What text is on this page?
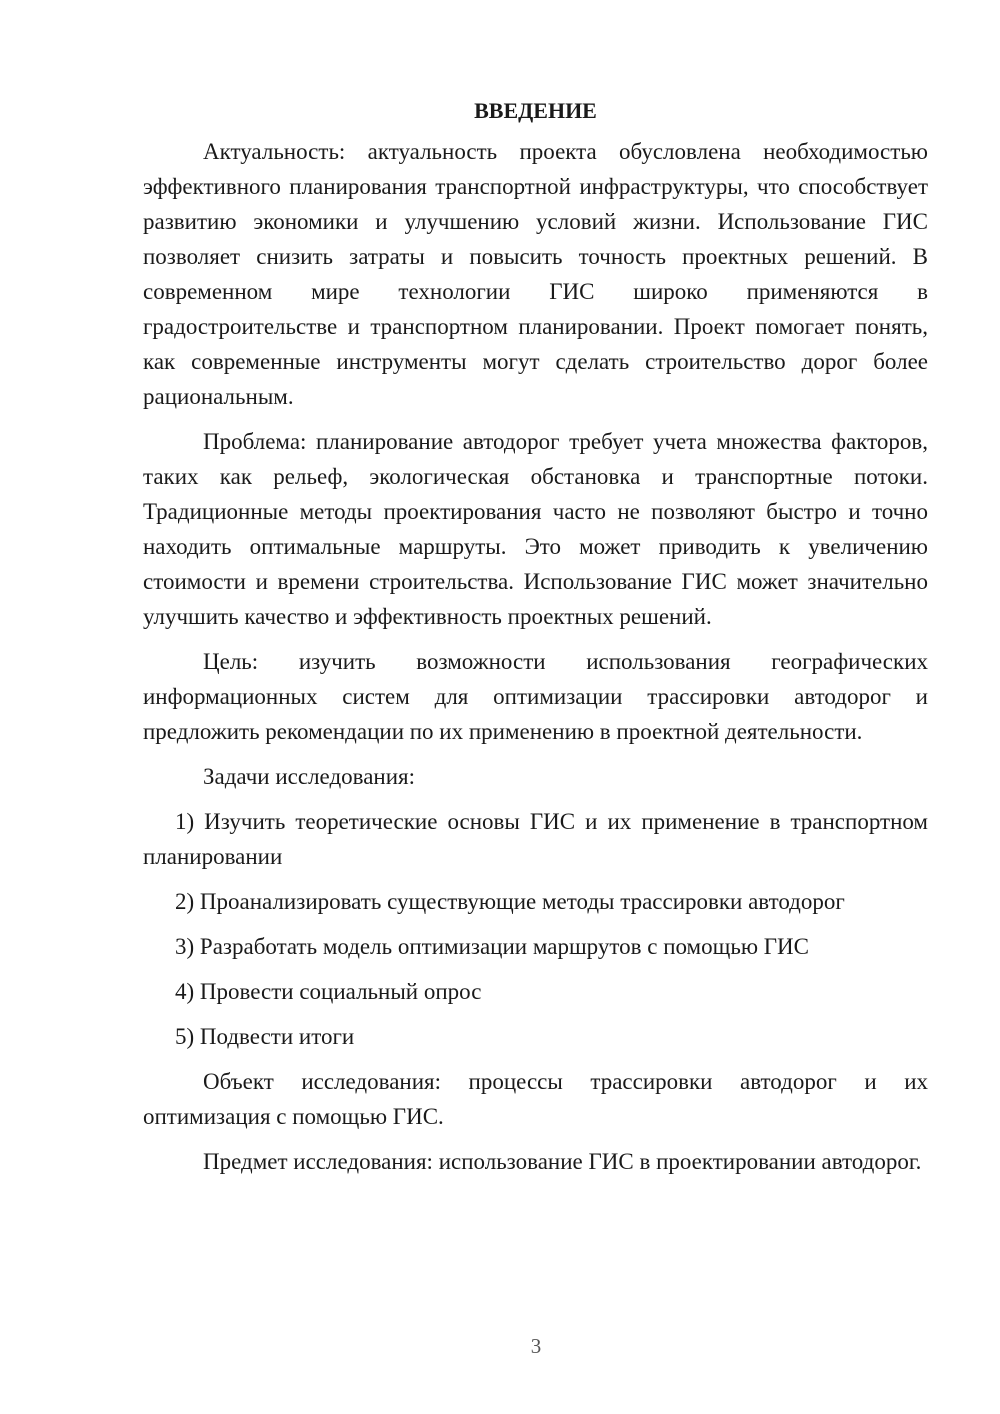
ВВЕДЕНИЕ

Актуальность: актуальность проекта обусловлена необходимостью эффективного планирования транспортной инфраструктуры, что способствует развитию экономики и улучшению условий жизни. Использование ГИС позволяет снизить затраты и повысить точность проектных решений. В современном мире технологии ГИС широко применяются в градостроительстве и транспортном планировании. Проект помогает понять, как современные инструменты могут сделать строительство дорог более рациональным.

Проблема: планирование автодорог требует учета множества факторов, таких как рельеф, экологическая обстановка и транспортные потоки. Традиционные методы проектирования часто не позволяют быстро и точно находить оптимальные маршруты. Это может приводить к увеличению стоимости и времени строительства. Использование ГИС может значительно улучшить качество и эффективность проектных решений.

Цель: изучить возможности использования географических информационных систем для оптимизации трассировки автодорог и предложить рекомендации по их применению в проектной деятельности.

Задачи исследования:

1) Изучить теоретические основы ГИС и их применение в транспортном планировании
2) Проанализировать существующие методы трассировки автодорог
3) Разработать модель оптимизации маршрутов с помощью ГИС
4) Провести социальный опрос
5) Подвести итоги

Объект исследования: процессы трассировки автодорог и их оптимизация с помощью ГИС.

Предмет исследования: использование ГИС в проектировании автодорог.

3
